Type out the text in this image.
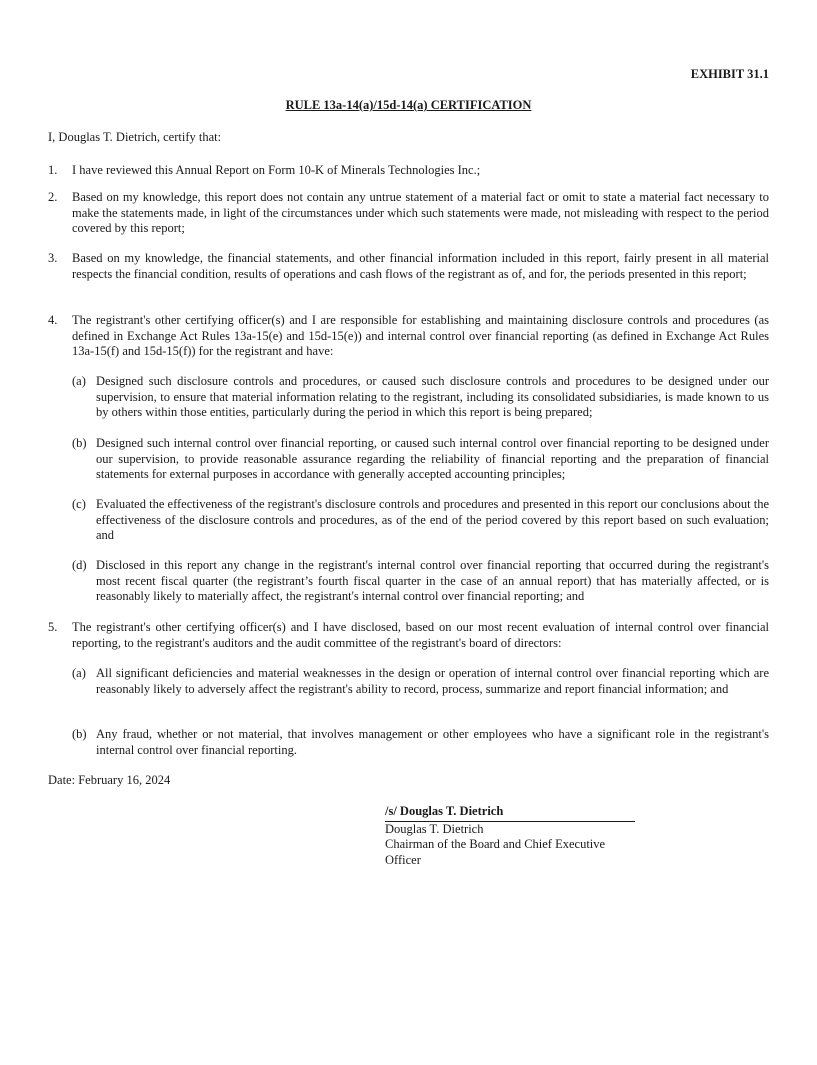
EXHIBIT 31.1
RULE 13a-14(a)/15d-14(a) CERTIFICATION
I, Douglas T. Dietrich, certify that:
1. I have reviewed this Annual Report on Form 10-K of Minerals Technologies Inc.;
2. Based on my knowledge, this report does not contain any untrue statement of a material fact or omit to state a material fact necessary to make the statements made, in light of the circumstances under which such statements were made, not misleading with respect to the period covered by this report;
3. Based on my knowledge, the financial statements, and other financial information included in this report, fairly present in all material respects the financial condition, results of operations and cash flows of the registrant as of, and for, the periods presented in this report;
4. The registrant's other certifying officer(s) and I are responsible for establishing and maintaining disclosure controls and procedures (as defined in Exchange Act Rules 13a-15(e) and 15d-15(e)) and internal control over financial reporting (as defined in Exchange Act Rules 13a-15(f) and 15d-15(f)) for the registrant and have:
(a) Designed such disclosure controls and procedures, or caused such disclosure controls and procedures to be designed under our supervision, to ensure that material information relating to the registrant, including its consolidated subsidiaries, is made known to us by others within those entities, particularly during the period in which this report is being prepared;
(b) Designed such internal control over financial reporting, or caused such internal control over financial reporting to be designed under our supervision, to provide reasonable assurance regarding the reliability of financial reporting and the preparation of financial statements for external purposes in accordance with generally accepted accounting principles;
(c) Evaluated the effectiveness of the registrant's disclosure controls and procedures and presented in this report our conclusions about the effectiveness of the disclosure controls and procedures, as of the end of the period covered by this report based on such evaluation; and
(d) Disclosed in this report any change in the registrant's internal control over financial reporting that occurred during the registrant's most recent fiscal quarter (the registrant’s fourth fiscal quarter in the case of an annual report) that has materially affected, or is reasonably likely to materially affect, the registrant's internal control over financial reporting; and
5. The registrant's other certifying officer(s) and I have disclosed, based on our most recent evaluation of internal control over financial reporting, to the registrant's auditors and the audit committee of the registrant's board of directors:
(a) All significant deficiencies and material weaknesses in the design or operation of internal control over financial reporting which are reasonably likely to adversely affect the registrant's ability to record, process, summarize and report financial information; and
(b) Any fraud, whether or not material, that involves management or other employees who have a significant role in the registrant's internal control over financial reporting.
Date: February 16, 2024
/s/ Douglas T. Dietrich
Douglas T. Dietrich
Chairman of the Board and Chief Executive Officer
